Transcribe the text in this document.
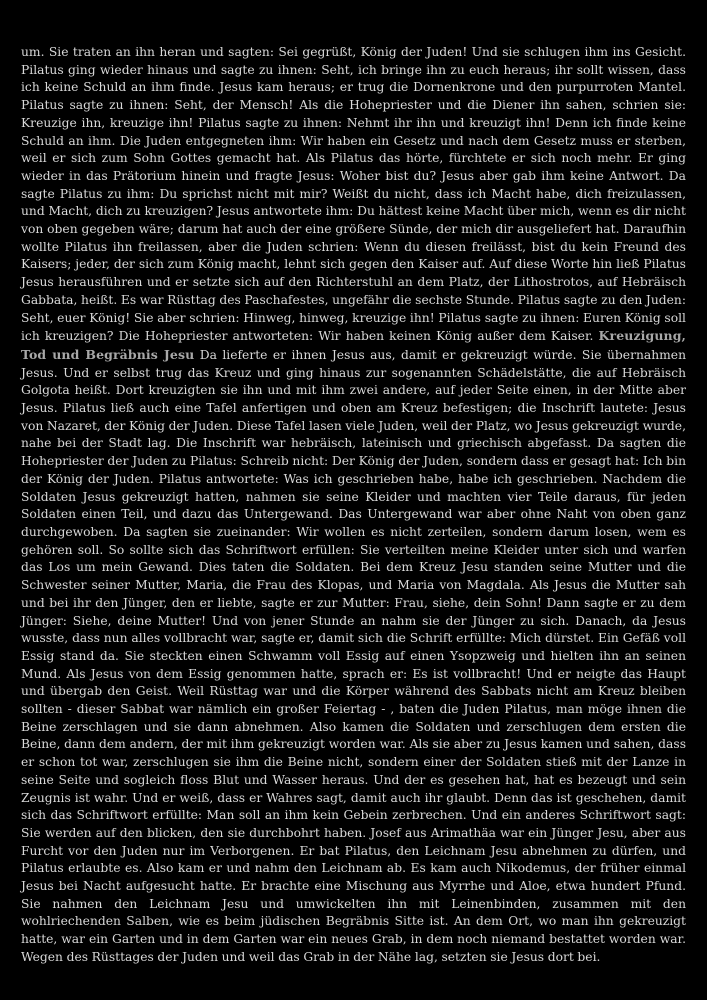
um. Sie traten an ihn heran und sagten: Sei gegrüßt, König der Juden! Und sie schlugen ihm ins Gesicht. Pilatus ging wieder hinaus und sagte zu ihnen: Seht, ich bringe ihn zu euch heraus; ihr sollt wissen, dass ich keine Schuld an ihm finde. Jesus kam heraus; er trug die Dornenkrone und den purpurroten Mantel. Pilatus sagte zu ihnen: Seht, der Mensch! Als die Hohepriester und die Diener ihn sahen, schrien sie: Kreuzige ihn, kreuzige ihn! Pilatus sagte zu ihnen: Nehmt ihr ihn und kreuzigt ihn! Denn ich finde keine Schuld an ihm. Die Juden entgegneten ihm: Wir haben ein Gesetz und nach dem Gesetz muss er sterben, weil er sich zum Sohn Gottes gemacht hat. Als Pilatus das hörte, fürchtete er sich noch mehr. Er ging wieder in das Prätorium hinein und fragte Jesus: Woher bist du? Jesus aber gab ihm keine Antwort. Da sagte Pilatus zu ihm: Du sprichst nicht mit mir? Weißt du nicht, dass ich Macht habe, dich freizulassen, und Macht, dich zu kreuzigen? Jesus antwortete ihm: Du hättest keine Macht über mich, wenn es dir nicht von oben gegeben wäre; darum hat auch der eine größere Sünde, der mich dir ausgeliefert hat. Daraufhin wollte Pilatus ihn freilassen, aber die Juden schrien: Wenn du diesen freilässt, bist du kein Freund des Kaisers; jeder, der sich zum König macht, lehnt sich gegen den Kaiser auf. Auf diese Worte hin ließ Pilatus Jesus herausführen und er setzte sich auf den Richterstuhl an dem Platz, der Lithostrotos, auf Hebräisch Gabbata, heißt. Es war Rüsttag des Paschafestes, ungefähr die sechste Stunde. Pilatus sagte zu den Juden: Seht, euer König! Sie aber schrien: Hinweg, hinweg, kreuzige ihn! Pilatus sagte zu ihnen: Euren König soll ich kreuzigen? Die Hohepriester antworteten: Wir haben keinen König außer dem Kaiser. Kreuzigung, Tod und Begräbnis Jesu Da lieferte er ihnen Jesus aus, damit er gekreuzigt würde. Sie übernahmen Jesus. Und er selbst trug das Kreuz und ging hinaus zur sogenannten Schädelstätte, die auf Hebräisch Golgota heißt. Dort kreuzigten sie ihn und mit ihm zwei andere, auf jeder Seite einen, in der Mitte aber Jesus. Pilatus ließ auch eine Tafel anfertigen und oben am Kreuz befestigen; die Inschrift lautete: Jesus von Nazaret, der König der Juden. Diese Tafel lasen viele Juden, weil der Platz, wo Jesus gekreuzigt wurde, nahe bei der Stadt lag. Die Inschrift war hebräisch, lateinisch und griechisch abgefasst. Da sagten die Hohepriester der Juden zu Pilatus: Schreib nicht: Der König der Juden, sondern dass er gesagt hat: Ich bin der König der Juden. Pilatus antwortete: Was ich geschrieben habe, habe ich geschrieben. Nachdem die Soldaten Jesus gekreuzigt hatten, nahmen sie seine Kleider und machten vier Teile daraus, für jeden Soldaten einen Teil, und dazu das Untergewand. Das Untergewand war aber ohne Naht von oben ganz durchgewoben. Da sagten sie zueinander: Wir wollen es nicht zerteilen, sondern darum losen, wem es gehören soll. So sollte sich das Schriftwort erfüllen: Sie verteilten meine Kleider unter sich und warfen das Los um mein Gewand. Dies taten die Soldaten. Bei dem Kreuz Jesu standen seine Mutter und die Schwester seiner Mutter, Maria, die Frau des Klopas, und Maria von Magdala. Als Jesus die Mutter sah und bei ihr den Jünger, den er liebte, sagte er zur Mutter: Frau, siehe, dein Sohn! Dann sagte er zu dem Jünger: Siehe, deine Mutter! Und von jener Stunde an nahm sie der Jünger zu sich. Danach, da Jesus wusste, dass nun alles vollbracht war, sagte er, damit sich die Schrift erfüllte: Mich dürstet. Ein Gefäß voll Essig stand da. Sie steckten einen Schwamm voll Essig auf einen Ysopzweig und hielten ihn an seinen Mund. Als Jesus von dem Essig genommen hatte, sprach er: Es ist vollbracht! Und er neigte das Haupt und übergab den Geist. Weil Rüsttag war und die Körper während des Sabbats nicht am Kreuz bleiben sollten - dieser Sabbat war nämlich ein großer Feiertag - , baten die Juden Pilatus, man möge ihnen die Beine zerschlagen und sie dann abnehmen. Also kamen die Soldaten und zerschlugen dem ersten die Beine, dann dem andern, der mit ihm gekreuzigt worden war. Als sie aber zu Jesus kamen und sahen, dass er schon tot war, zerschlugen sie ihm die Beine nicht, sondern einer der Soldaten stieß mit der Lanze in seine Seite und sogleich floss Blut und Wasser heraus. Und der es gesehen hat, hat es bezeugt und sein Zeugnis ist wahr. Und er weiß, dass er Wahres sagt, damit auch ihr glaubt. Denn das ist geschehen, damit sich das Schriftwort erfüllte: Man soll an ihm kein Gebein zerbrechen. Und ein anderes Schriftwort sagt: Sie werden auf den blicken, den sie durchbohrt haben. Josef aus Arimathäa war ein Jünger Jesu, aber aus Furcht vor den Juden nur im Verborgenen. Er bat Pilatus, den Leichnam Jesu abnehmen zu dürfen, und Pilatus erlaubte es. Also kam er und nahm den Leichnam ab. Es kam auch Nikodemus, der früher einmal Jesus bei Nacht aufgesucht hatte. Er brachte eine Mischung aus Myrrhe und Aloe, etwa hundert Pfund. Sie nahmen den Leichnam Jesu und umwickelten ihn mit Leinenbinden, zusammen mit den wohlriechenden Salben, wie es beim jüdischen Begräbnis Sitte ist. An dem Ort, wo man ihn gekreuzigt hatte, war ein Garten und in dem Garten war ein neues Grab, in dem noch niemand bestattet worden war. Wegen des Rüsttages der Juden und weil das Grab in der Nähe lag, setzten sie Jesus dort bei.
